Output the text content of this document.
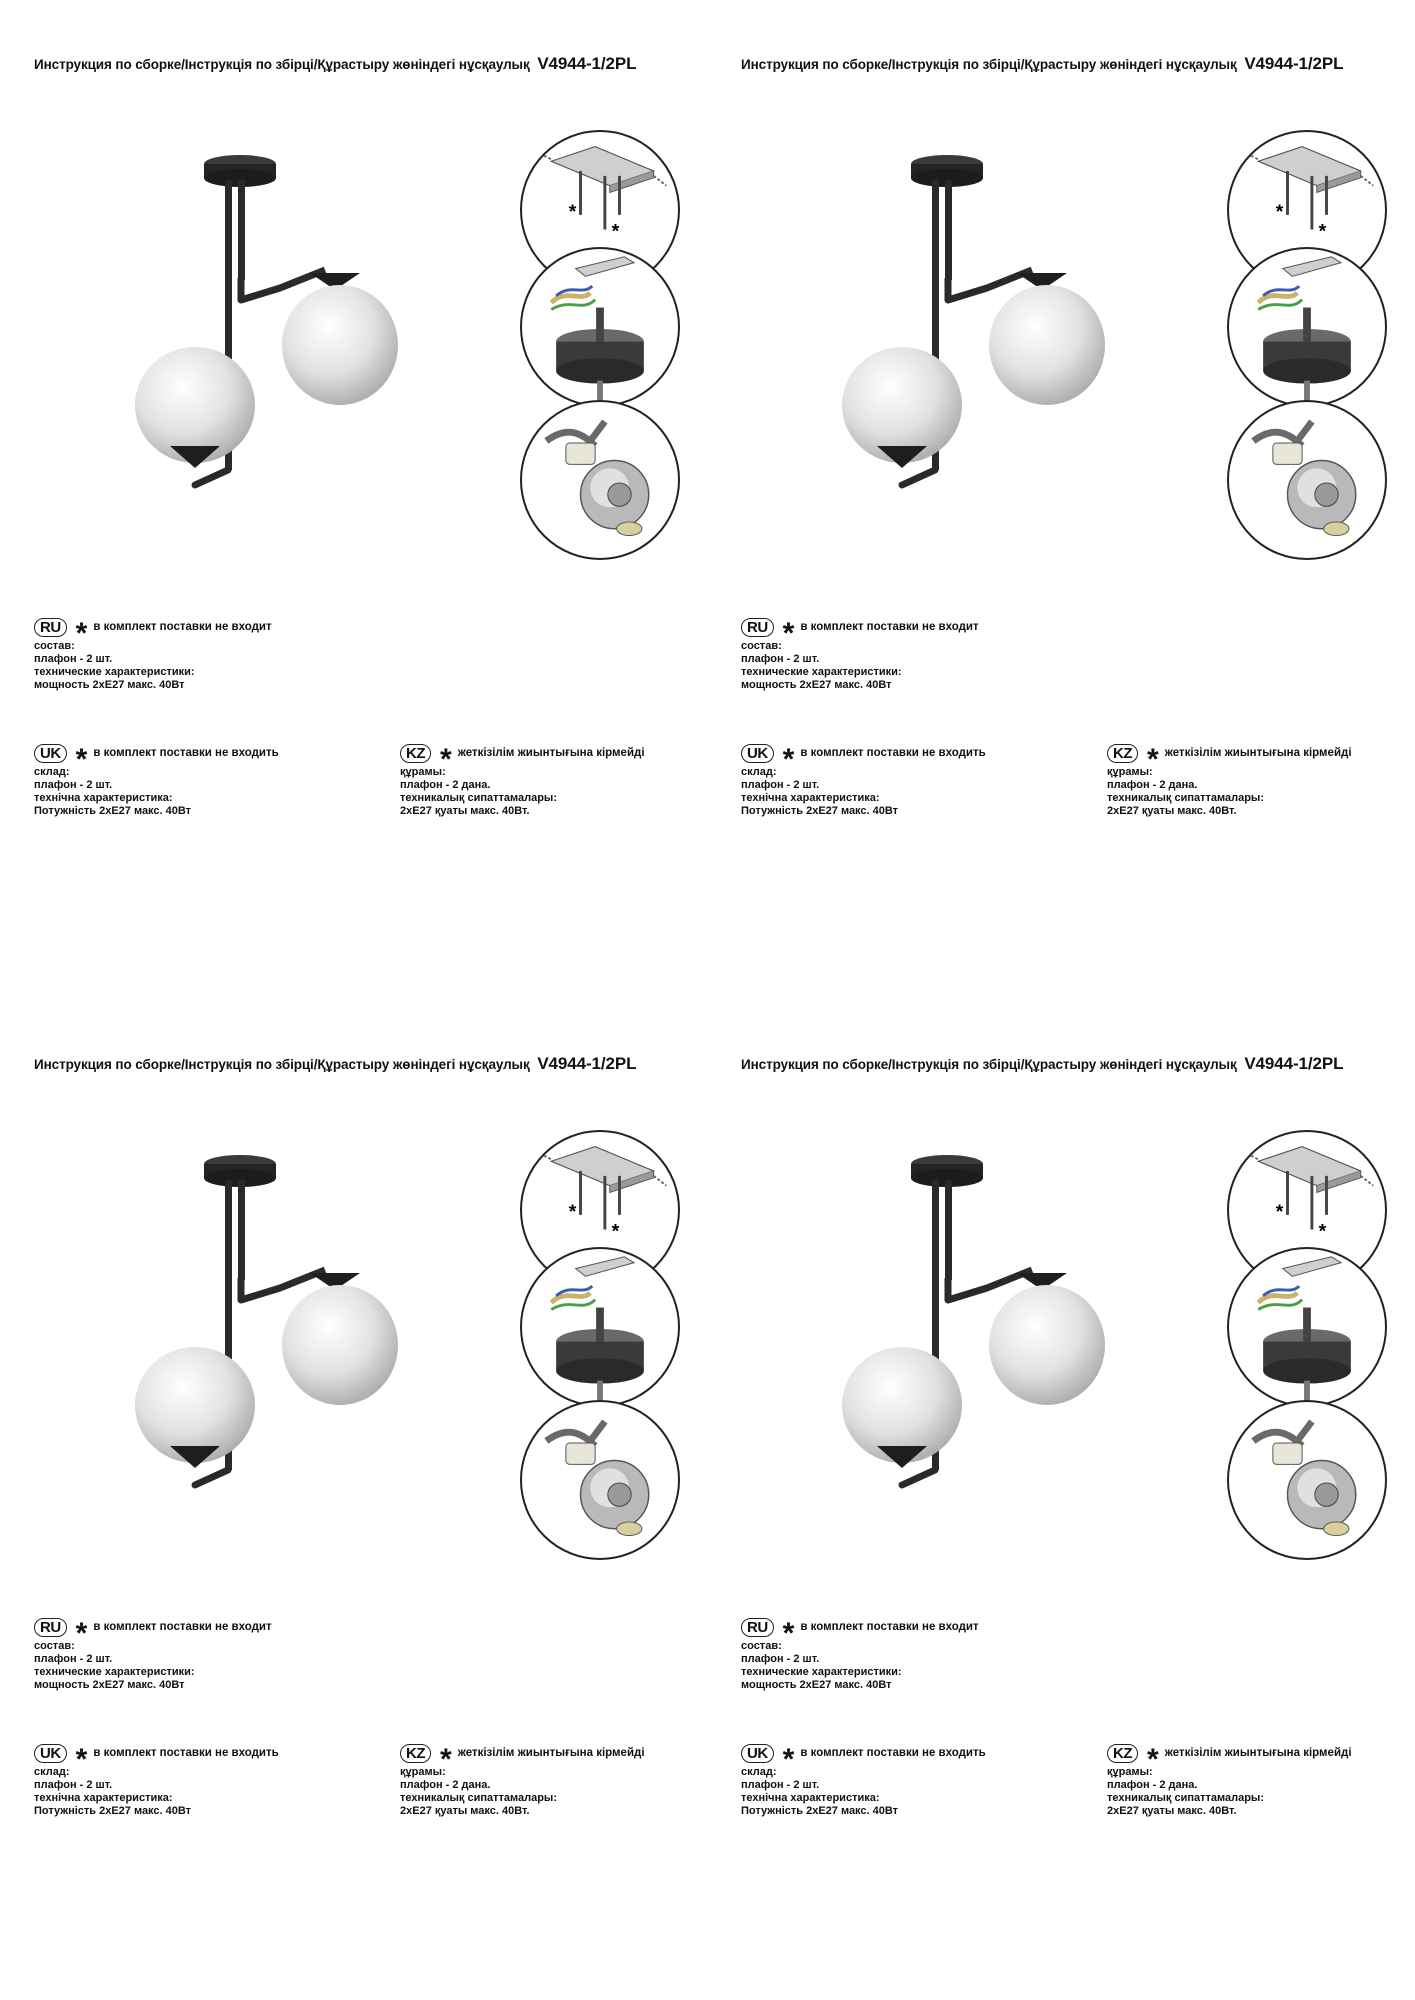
Инструкция по сборке/Інструкція по збірці/Құрастыру жөніндегі нұсқаулық V4944-1/2PL
*
*
RU * в комплект поставки не входит
состав:
плафон - 2 шт.
технические характеристики:
мощность 2хЕ27 макс. 40Вт
UK * в комплект поставки не входить
склад:
плафон - 2 шт.
технічна характеристика:
Потужність 2хЕ27 макс. 40Вт
KZ * жеткізілім жиынтығына кірмейді
құрамы:
плафон - 2 дана.
техникалық сипаттамалары:
2хЕ27 қуаты макс. 40Вт.
Инструкция по сборке/Інструкція по збірці/Құрастыру жөніндегі нұсқаулық V4944-1/2PL
*
*
RU * в комплект поставки не входит
состав:
плафон - 2 шт.
технические характеристики:
мощность 2хЕ27 макс. 40Вт
UK * в комплект поставки не входить
склад:
плафон - 2 шт.
технічна характеристика:
Потужність 2хЕ27 макс. 40Вт
KZ * жеткізілім жиынтығына кірмейді
құрамы:
плафон - 2 дана.
техникалық сипаттамалары:
2хЕ27 қуаты макс. 40Вт.
Инструкция по сборке/Інструкція по збірці/Құрастыру жөніндегі нұсқаулық V4944-1/2PL
*
*
RU * в комплект поставки не входит
состав:
плафон - 2 шт.
технические характеристики:
мощность 2хЕ27 макс. 40Вт
UK * в комплект поставки не входить
склад:
плафон - 2 шт.
технічна характеристика:
Потужність 2хЕ27 макс. 40Вт
KZ * жеткізілім жиынтығына кірмейді
құрамы:
плафон - 2 дана.
техникалық сипаттамалары:
2хЕ27 қуаты макс. 40Вт.
Инструкция по сборке/Інструкція по збірці/Құрастыру жөніндегі нұсқаулық V4944-1/2PL
*
*
RU * в комплект поставки не входит
состав:
плафон - 2 шт.
технические характеристики:
мощность 2хЕ27 макс. 40Вт
UK * в комплект поставки не входить
склад:
плафон - 2 шт.
технічна характеристика:
Потужність 2хЕ27 макс. 40Вт
KZ * жеткізілім жиынтығына кірмейді
құрамы:
плафон - 2 дана.
техникалық сипаттамалары:
2хЕ27 қуаты макс. 40Вт.
